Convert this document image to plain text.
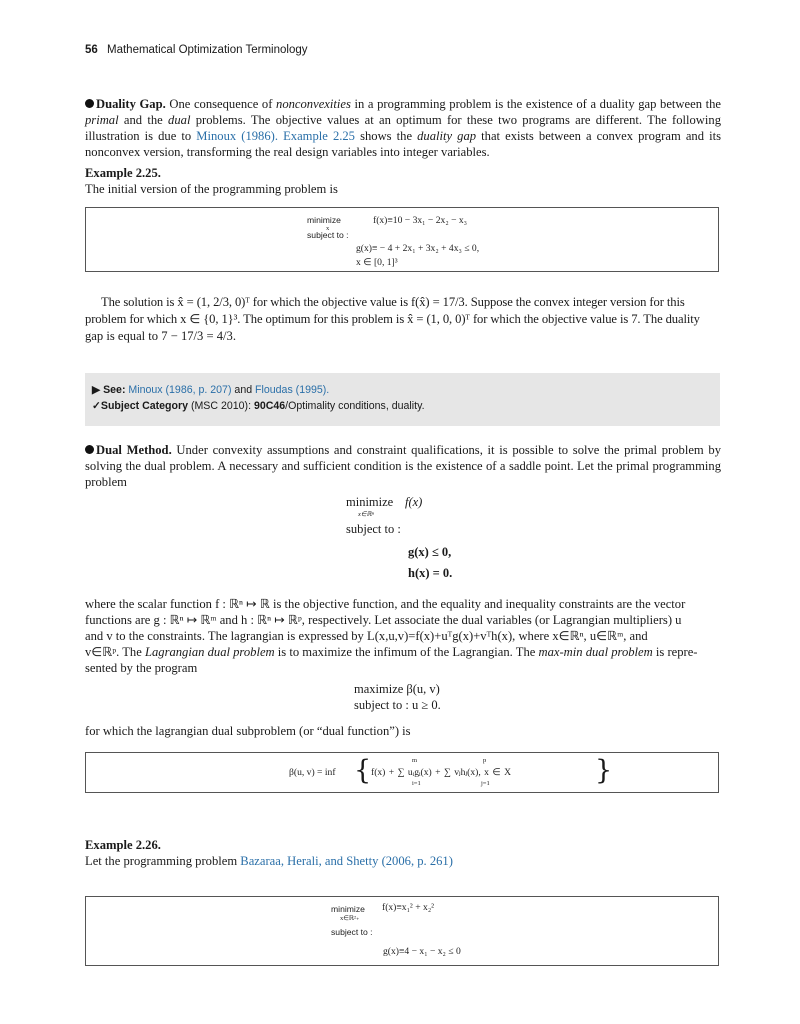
56 Mathematical Optimization Terminology
Duality Gap. One consequence of nonconvexities in a programming problem is the existence of a duality gap between the primal and the dual problems. The objective values at an optimum for these two programs are different. The following illustration is due to Minoux (1986). Example 2.25 shows the duality gap that exists between a convex program and its nonconvex version, transforming the real design variables into integer variables.
Example 2.25.
The initial version of the programming problem is
minimize
x
f(x)≡10 − 3x₁ − 2x₂ − x₃
subject to :
g(x)≡ − 4 + 2x₁ + 3x₂ + 4x₃ ≤ 0,
x ∈ [0, 1]³
The solution is x̂ = (1, 2/3, 0)ᵀ for which the objective value is f(x̂) = 17/3. Suppose the convex integer version for this
problem for which x ∈ {0, 1}³. The optimum for this problem is x̂ = (1, 0, 0)ᵀ for which the objective value is 7. The duality
gap is equal to 7 − 17/3 = 4/3.
▶ See: Minoux (1986, p. 207) and Floudas (1995).
✓Subject Category (MSC 2010): 90C46/Optimality conditions, duality.
Dual Method. Under convexity assumptions and constraint qualifications, it is possible to solve the primal problem by solving the dual problem. A necessary and sufficient condition is the existence of a saddle point. Let the primal programming problem
minimize
x∈ℝⁿ
f(x)
subject to :
g(x) ≤ 0,
h(x) = 0.
where the scalar function f : ℝⁿ ↦ ℝ is the objective function, and the equality and inequality constraints are the vector
functions are g : ℝⁿ ↦ ℝᵐ and h : ℝⁿ ↦ ℝᵖ, respectively. Let associate the dual variables (or Lagrangian multipliers) u
and v to the constraints. The lagrangian is expressed by L(x,u,v)=f(x)+uᵀg(x)+vᵀh(x), where x∈ℝⁿ, u∈ℝᵐ, and
v∈ℝᵖ. The Lagrangian dual problem is to maximize the infimum of the Lagrangian. The max-min dual problem is repre-
sented by the program
maximize β(u, v)
subject to : u ≥ 0.
for which the lagrangian dual subproblem (or “dual function”) is
β(u, v) = inf { f(x) + ∑ uᵢgᵢ(x) + ∑ vⱼhⱼ(x), x ∈ X
m
i=1
p
j=1	}
Example 2.26.
Let the programming problem Bazaraa, Herali, and Shetty (2006, p. 261)
minimize
x∈ℝ²₊
f(x)≡x₁² + x₂²
subject to :
g(x)≡4 − x₁ − x₂ ≤ 0
